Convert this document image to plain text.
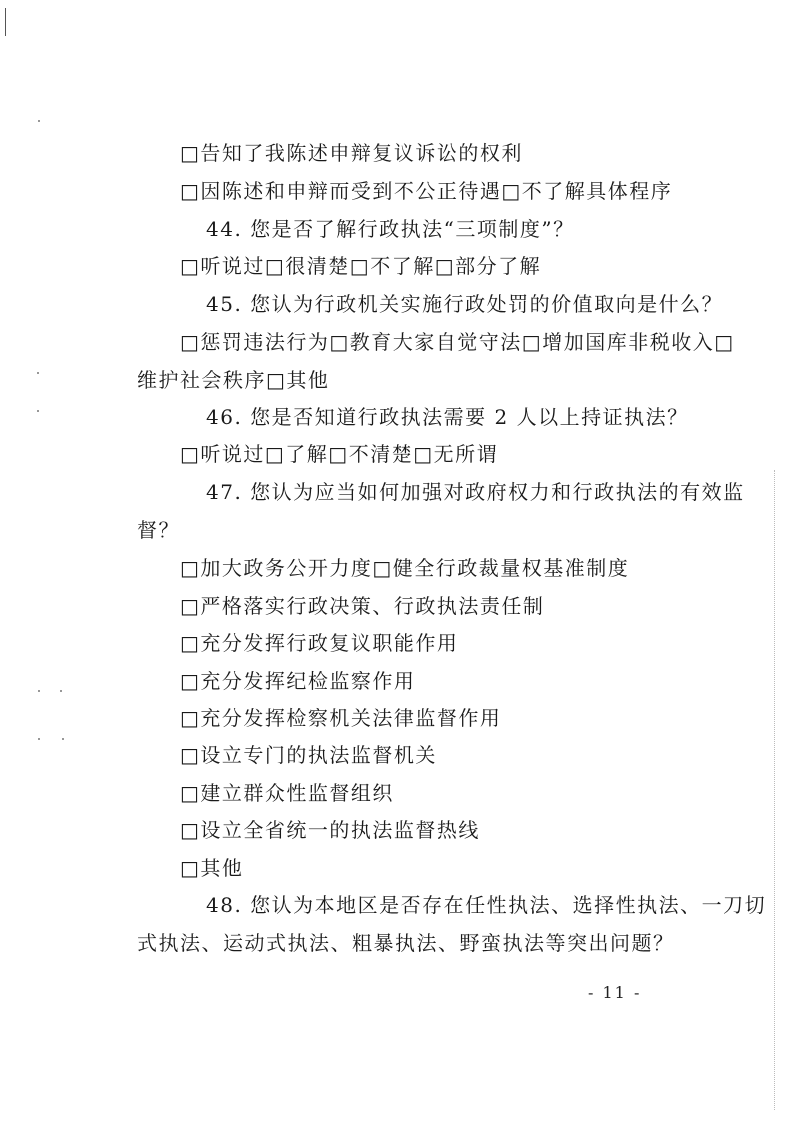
□告知了我陈述申辩复议诉讼的权利
□因陈述和申辩而受到不公正待遇□不了解具体程序
44. 您是否了解行政执法“三项制度”？
□听说过□很清楚□不了解□部分了解
45. 您认为行政机关实施行政处罚的价值取向是什么？
□惩罚违法行为□教育大家自觉守法□增加国库非税收入□
维护社会秩序□其他
46. 您是否知道行政执法需要 2 人以上持证执法？
□听说过□了解□不清楚□无所谓
47. 您认为应当如何加强对政府权力和行政执法的有效监
督？
□加大政务公开力度□健全行政裁量权基准制度
□严格落实行政决策、行政执法责任制
□充分发挥行政复议职能作用
□充分发挥纪检监察作用
□充分发挥检察机关法律监督作用
□设立专门的执法监督机关
□建立群众性监督组织
□设立全省统一的执法监督热线
□其他
48. 您认为本地区是否存在任性执法、选择性执法、一刀切
式执法、运动式执法、粗暴执法、野蛮执法等突出问题？
- 11 -
